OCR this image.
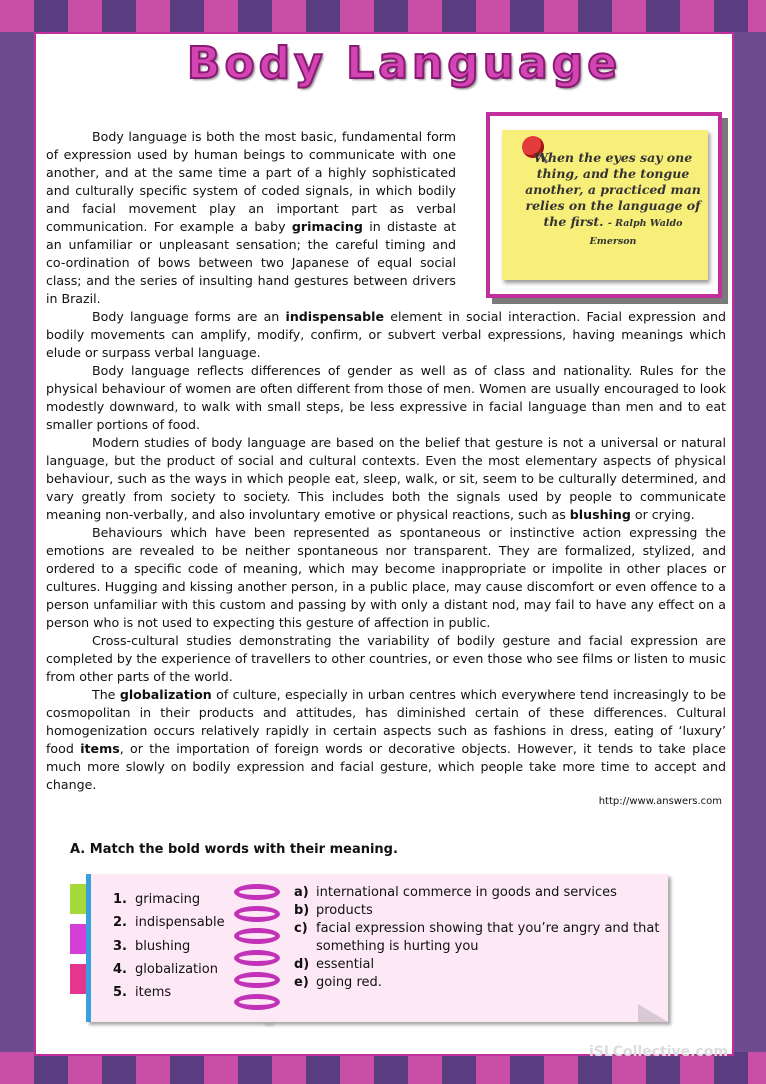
Body Language
When the eyes say one thing, and the tongue another, a practiced man relies on the language of the first. - Ralph Waldo Emerson

Body language is both the most basic, fundamental form of expression used by human beings to communicate with one another, and at the same time a part of a highly sophisticated and culturally specific system of coded signals, in which bodily and facial movement play an important part as verbal communication. For example a baby grimacing in distaste at an unfamiliar or unpleasant sensation; the careful timing and co-ordination of bows between two Japanese of equal social class; and the series of insulting hand gestures between drivers in Brazil.

Body language forms are an indispensable element in social interaction. Facial expression and bodily movements can amplify, modify, confirm, or subvert verbal expressions, having meanings which elude or surpass verbal language.

Body language reflects differences of gender as well as of class and nationality. Rules for the physical behaviour of women are often different from those of men. Women are usually encouraged to look modestly downward, to walk with small steps, be less expressive in facial language than men and to eat smaller portions of food.

Modern studies of body language are based on the belief that gesture is not a universal or natural language, but the product of social and cultural contexts. Even the most elementary aspects of physical behaviour, such as the ways in which people eat, sleep, walk, or sit, seem to be culturally determined, and vary greatly from society to society. This includes both the signals used by people to communicate meaning non-verbally, and also involuntary emotive or physical reactions, such as blushing or crying.

Behaviours which have been represented as spontaneous or instinctive action expressing the emotions are revealed to be neither spontaneous nor transparent. They are formalized, stylized, and ordered to a specific code of meaning, which may become inappropriate or impolite in other places or cultures. Hugging and kissing another person, in a public place, may cause discomfort or even offence to a person unfamiliar with this custom and passing by with only a distant nod, may fail to have any effect on a person who is not used to expecting this gesture of affection in public.

Cross-cultural studies demonstrating the variability of bodily gesture and facial expression are completed by the experience of travellers to other countries, or even those who see films or listen to music from other parts of the world.

The globalization of culture, especially in urban centres which everywhere tend increasingly to be cosmopolitan in their products and attitudes, has diminished certain of these differences. Cultural homogenization occurs relatively rapidly in certain aspects such as fashions in dress, eating of ‘luxury’ food items, or the importation of foreign words or decorative objects. However, it tends to take place much more slowly on bodily expression and facial gesture, which people take more time to accept and change.

http://www.answers.com
A. Match the bold words with their meaning.
1. grimacing
2. indispensable
3. blushing
4. globalization
5. items
a) international commerce in goods and services
b) products
c) facial expression showing that you’re angry and that
something is hurting you
d) essential
e) going red.
iSLCollective.com
